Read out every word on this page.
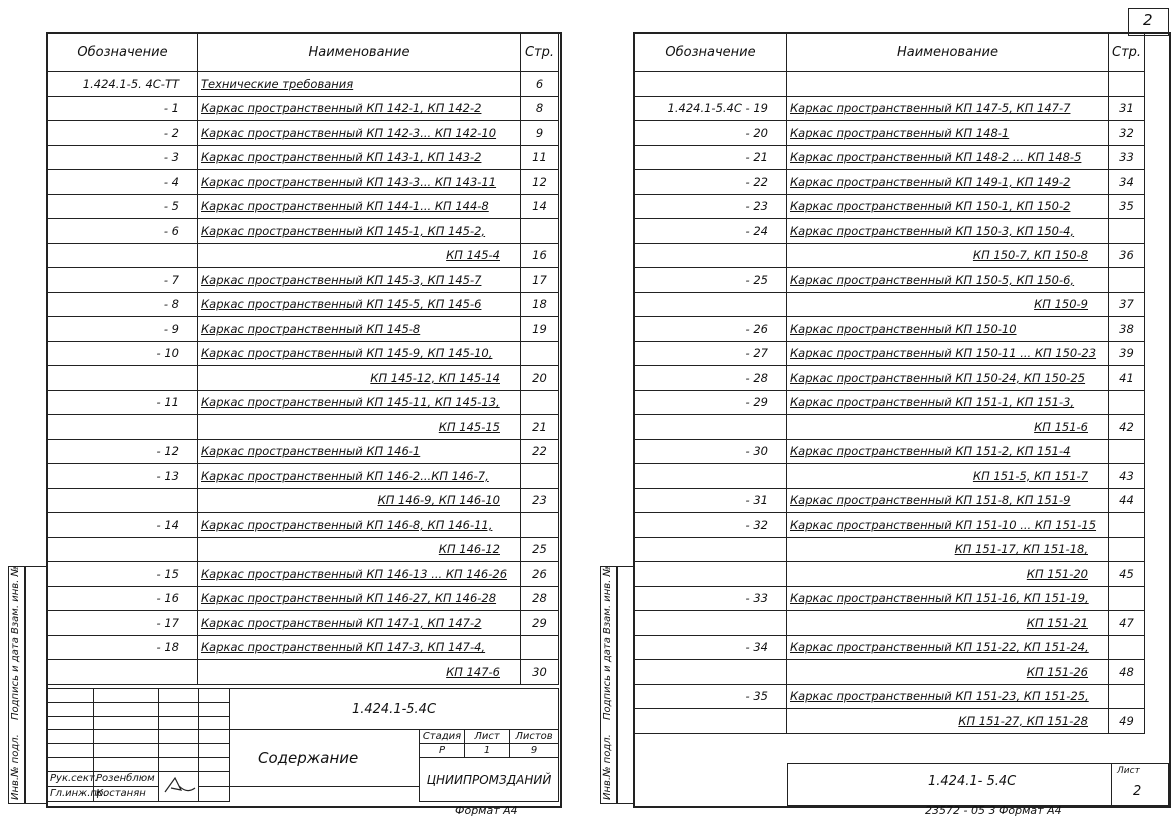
Обозначение	Наименование	Стр.
1.424.1-5. 4С-ТТ	Технические требования	6
- 1	Каркас пространственный КП 142-1, КП 142-2	8
- 2	Каркас пространственный КП 142-3... КП 142-10	9
- 3	Каркас пространственный КП 143-1, КП 143-2	11
- 4	Каркас пространственный КП 143-3... КП 143-11	12
- 5	Каркас пространственный КП 144-1... КП 144-8	14
- 6	Каркас пространственный КП 145-1, КП 145-2,	
	КП 145-4	16
- 7	Каркас пространственный КП 145-3, КП 145-7	17
- 8	Каркас пространственный КП 145-5, КП 145-6	18
- 9	Каркас пространственный КП 145-8	19
- 10	Каркас пространственный КП 145-9, КП 145-10,	
	КП 145-12, КП 145-14	20
- 11	Каркас пространственный КП 145-11, КП 145-13,	
	КП 145-15	21
- 12	Каркас пространственный КП 146-1	22
- 13	Каркас пространственный КП 146-2...КП 146-7,	
	КП 146-9, КП 146-10	23
- 14	Каркас пространственный КП 146-8, КП 146-11,	
	КП 146-12	25
- 15	Каркас пространственный КП 146-13 ... КП 146-26	26
- 16	Каркас пространственный КП 146-27, КП 146-28	28
- 17	Каркас пространственный КП 147-1, КП 147-2	29
- 18	Каркас пространственный КП 147-3, КП 147-4,	
	КП 147-6	30
Инв.№ подл.
Подпись и дата
Взам. инв. №
				1.424.1-5.4С			

				Содержание	Стадия	Лист	Листов
					Р	1	9
					ЦНИИПРОМЗДАНИЙ		
Рук.сект.	Розенблюм		
Гл.инж.пр.	Костанян						
Формат А4
2
Обозначение	Наименование	Стр.	

1.424.1-5.4С - 19	Каркас пространственный КП 147-5, КП 147-7	31	
- 20	Каркас пространственный КП 148-1	32	
- 21	Каркас пространственный КП 148-2 ... КП 148-5	33	
- 22	Каркас пространственный КП 149-1, КП 149-2	34	
- 23	Каркас пространственный КП 150-1, КП 150-2	35	
- 24	Каркас пространственный КП 150-3, КП 150-4,		
	КП 150-7, КП 150-8	36	
- 25	Каркас пространственный КП 150-5, КП 150-6,		
	КП 150-9	37	
- 26	Каркас пространственный КП 150-10	38	
- 27	Каркас пространственный КП 150-11 ... КП 150-23	39	
- 28	Каркас пространственный КП 150-24, КП 150-25	41	
- 29	Каркас пространственный КП 151-1, КП 151-3,		
	КП 151-6	42	
- 30	Каркас пространственный КП 151-2, КП 151-4		
	КП 151-5, КП 151-7	43	
- 31	Каркас пространственный КП 151-8, КП 151-9	44	
- 32	Каркас пространственный КП 151-10 ... КП 151-15		
	КП 151-17, КП 151-18,		
	КП 151-20	45	
- 33	Каркас пространственный КП 151-16, КП 151-19,		
	КП 151-21	47	
- 34	Каркас пространственный КП 151-22, КП 151-24,		
	КП 151-26	48	
- 35	Каркас пространственный КП 151-23, КП 151-25,		
	КП 151-27, КП 151-28	49	
Инв.№ подл.
Подпись и дата
Взам. инв. №
1.424.1- 5.4С
Лист
2
23572 - 05 3 Формат А4
